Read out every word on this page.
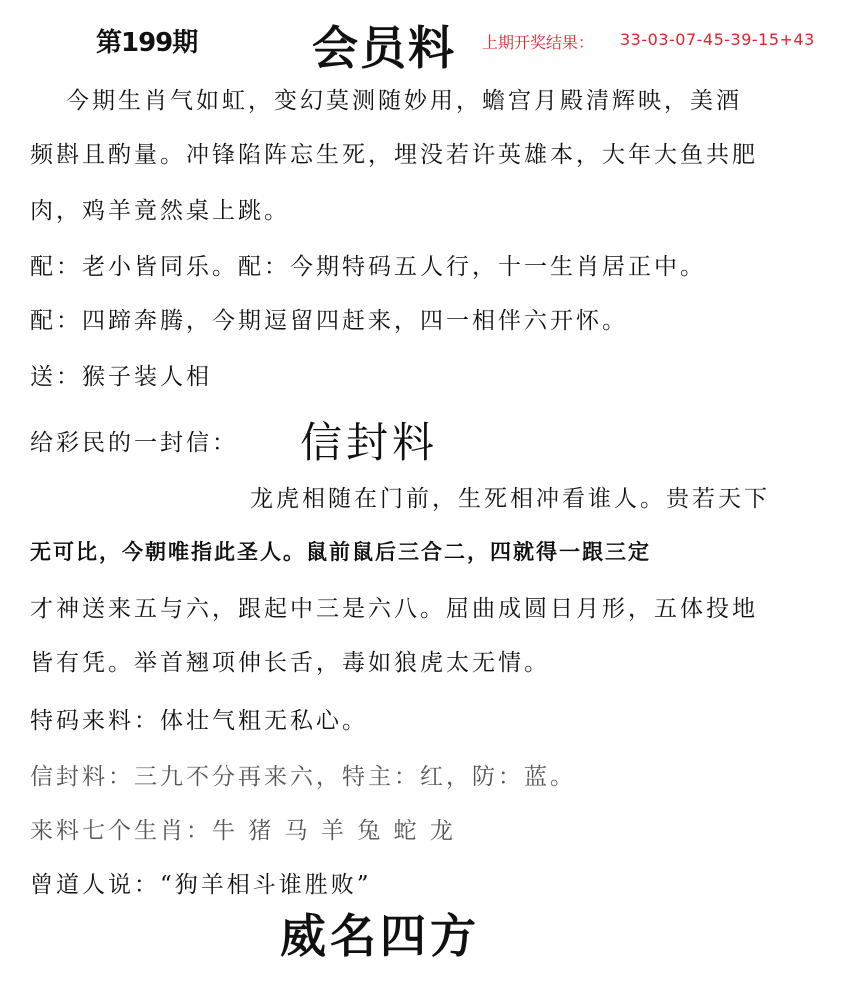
第199期 会员料 上期开奖结果： 33-03-07-45-39-15+43
今期生肖气如虹，变幻莫测随妙用，蟾宫月殿清辉映，美酒
频斟且酌量。冲锋陷阵忘生死，埋没若许英雄本，大年大鱼共肥
肉，鸡羊竟然桌上跳。
配：老小皆同乐。配：今期特码五人行，十一生肖居正中。
配：四蹄奔腾，今期逗留四赶来，四一相伴六开怀。
送：猴子装人相
给彩民的一封信： 信封料
龙虎相随在门前，生死相冲看谁人。贵若天下
无可比，今朝唯指此圣人。鼠前鼠后三合二，四就得一跟三定
才神送来五与六，跟起中三是六八。屈曲成圆日月形，五体投地
皆有凭。举首翘项伸长舌，毒如狼虎太无情。
特码来料：体壮气粗无私心。
信封料：三九不分再来六，特主：红，防：蓝。
来料七个生肖：牛 猪 马 羊 兔 蛇 龙
曾道人说：“狗羊相斗谁胜败”
威名四方
